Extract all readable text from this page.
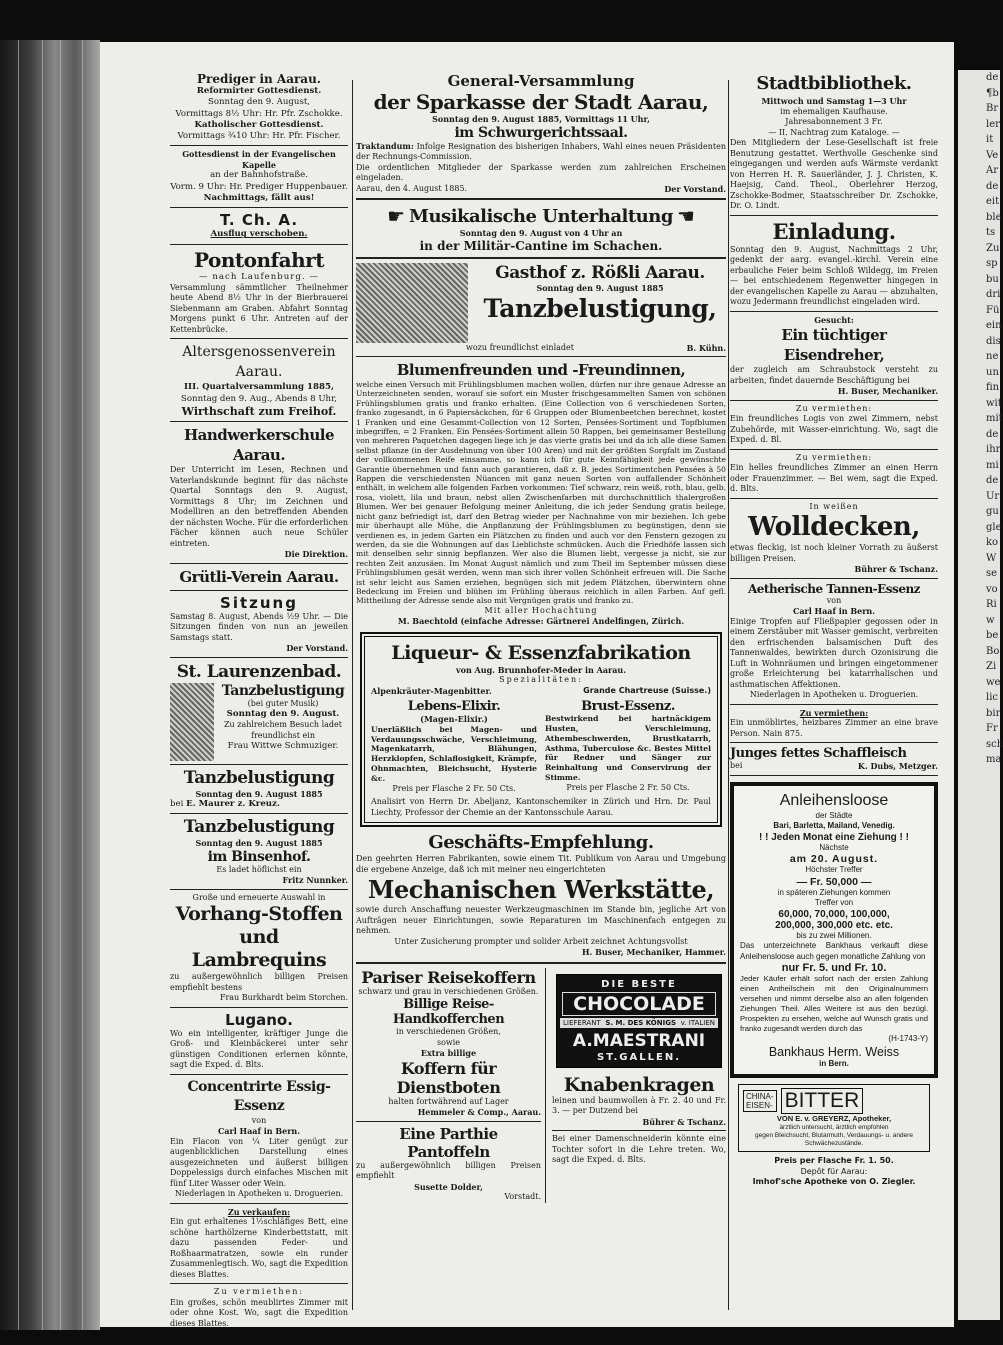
Prediger in Aarau.

Reformirter Gottesdienst.

Sonntag den 9. August,

Vormittags 8½ Uhr: Hr. Pfr. Zschokke.

Katholischer Gottesdienst.

Vormittags ¾10 Uhr: Hr. Pfr. Fischer.

Gottesdienst in der Evangelischen Kapelle

an der Bahnhofstraße.

Vorm. 9 Uhr: Hr. Prediger Huppenbauer.

Nachmittags, fällt aus!

T. Ch. A.

Ausflug verschoben.

Pontonfahrt

— nach Laufenburg. —

Versammlung sämmtlicher Theilnehmer heute Abend 8½ Uhr in der Bierbrauerei Siebenmann am Graben. Abfahrt Sonntag Morgens punkt 6 Uhr. Antreten auf der Kettenbrücke.

Altersgenossenverein Aarau.

III. Quartalversammlung 1885,

Sonntag den 9. Aug., Abends 8 Uhr,

Wirthschaft zum Freihof.

Handwerkerschule Aarau.

Der Unterricht im Lesen, Rechnen und Vaterlandskunde beginnt für das nächste Quartal Sonntags den 9. August, Vormittags 8 Uhr; im Zeichnen und Modelliren an den betreffenden Abenden der nächsten Woche. Für die erforderlichen Fächer können auch neue Schüler eintreten.

Die Direktion.

Grütli-Verein Aarau.

Sitzung

Samstag 8. August, Abends ½9 Uhr. — Die Sitzungen finden von nun an jeweilen Samstags statt.

Der Vorstand.

St. Laurenzenbad.

Tanzbelustigung

(bei guter Musik)

Sonntag den 9. August.

Zu zahlreichem Besuch ladet freundlichst ein

Frau Wittwe Schmuziger.

Tanzbelustigung

Sonntag den 9. August 1885

bei E. Maurer z. Kreuz.

Tanzbelustigung

Sonntag den 9. August 1885

im Binsenhof.

Es ladet höflichst ein

Fritz Nunnker.

Große und erneuerte Auswahl in

Vorhang-Stoffen

und Lambrequins

zu außergewöhnlich billigen Preisen empfiehlt bestens

Frau Burkhardt beim Storchen.

Lugano.

Wo ein intelligenter, kräftiger Junge die Groß- und Kleinbäckerei unter sehr günstigen Conditionen erlernen könnte, sagt die Exped. d. Blts.

Concentrirte Essig-Essenz

von

Carl Haaf in Bern.

Ein Flacon von ¼ Liter genügt zur augenblicklichen Darstellung eines ausgezeichneten und äußerst billigen Doppelessigs durch einfaches Mischen mit fünf Liter Wasser oder Wein.

Niederlagen in Apotheken u. Droguerien.

Zu verkaufen:

Ein gut erhaltenes 1½schläfiges Bett, eine schöne harthölzerne Kinderbettstatt, mit dazu passenden Feder- und Roßhaarmatratzen, sowie ein runder Zusammenlegtisch. Wo, sagt die Expedition dieses Blattes.

Zu vermiethen:

Ein großes, schön meublirtes Zimmer mit oder ohne Kost. Wo, sagt die Expedition dieses Blattes.

General-Versammlung

der Sparkasse der Stadt Aarau,

Sonntag den 9. August 1885, Vormittags 11 Uhr,

im Schwurgerichtssaal.

Traktandum: Infolge Resignation des bisherigen Inhabers, Wahl eines neuen Präsidenten der Rechnungs-Commission.

Die ordentlichen Mitglieder der Sparkasse werden zum zahlreichen Erscheinen eingeladen.

Aarau, den 4. August 1885.	Der Vorstand.

☛ Musikalische Unterhaltung ☚

Sonntag den 9. August von 4 Uhr an

in der Militär-Cantine im Schachen.

Gasthof z. Rößli Aarau.

Sonntag den 9. August 1885

Tanzbelustigung,

wozu freundlichst einladet	B. Kühn.

Blumenfreunden und -Freundinnen,

welche einen Versuch mit Frühlingsblumen machen wollen, dürfen nur ihre genaue Adresse an Unterzeichneten senden, worauf sie sofort ein Muster frischgesammelten Samen von schönen Frühlingsblumen gratis und franko erhalten. (Eine Collection von 6 verschiedenen Sorten, franko zugesandt, in 6 Papiersäckchen, für 6 Gruppen oder Blumenbeetchen berechnet, kostet 1 Franken und eine Gesammt-Collection von 12 Sorten, Pensées-Sortiment und Topfblumen inbegriffen, = 2 Franken. Ein Pensées-Sortiment allein 50 Rappen, bei gemeinsamer Bestellung von mehreren Paquetchen dagegen liege ich je das vierte gratis bei und da ich alle diese Samen selbst pflanze (in der Ausdehnung von über 100 Aren) und mit der größten Sorgfalt im Zustand der vollkommenen Reife einsamme, so kann ich für gute Keimfähigkeit jede gewünschte Garantie übernehmen und fann auch garantieren, daß z. B. jedes Sortimentchen Pensées à 50 Rappen die verschiedensten Nüancen mit ganz neuen Sorten von auffallender Schönheit enthält, in welchem alle folgenden Farben vorkommen: Tief schwarz, rein weiß, roth, blau, gelb, rosa, violett, lila und braun, nebst allen Zwischenfarben mit durchschnittlich thalergroßen Blumen. Wer bei genauer Befolgung meiner Anleitung, die ich jeder Sendung gratis beilege, nicht ganz befriedigt ist, darf den Betrag wieder per Nachnahme von mir beziehen. Ich gebe mir überhaupt alle Mühe, die Anpflanzung der Frühlingsblumen zu begünstigen, denn sie verdienen es, in jedem Garten ein Plätzchen zu finden und auch vor den Fenstern gezogen zu werden, da sie die Wohnungen auf das Lieblichste schmücken. Auch die Friedhöfe lassen sich mit denselben sehr sinnig bepflanzen. Wer also die Blumen liebt, vergesse ja nicht, sie zur rechten Zeit anzusäen. Im Monat August nämlich und zum Theil im September müssen diese Frühlingsblumen gesät werden, wenn man sich ihrer vollen Schönheit erfreuen will. Die Sache ist sehr leicht aus Samen erziehen, begnügen sich mit jedem Plätzchen, überwintern ohne Bedeckung im Freien und blühen im Frühling überaus reichlich in allen Farben. Auf gefl. Mittheilung der Adresse sende also mit Vergnügen gratis und franko zu.

Mit aller Hochachtung

M. Baechtold (einfache Adresse: Gärtnerei Andelfingen, Zürich.

Liqueur- & Essenzfabrikation

von Aug. Brunnhofer-Meder in Aarau.

Spezialitäten:

Alpenkräuter-Magenbitter.	Grande Chartreuse (Suisse.)

Lebens-Elixir.

(Magen-Elixir.)

Unerläßlich bei Magen- und Verdauungsschwäche, Verschleimung, Magenkatarrh, Blähungen, Herzklopfen, Schlaflosigkeit, Krämpfe, Ohnmachten, Bleichsucht, Hysterie &c.

Preis per Flasche 2 Fr. 50 Cts.

Brust-Essenz.

Bestwirkend bei hartnäckigem Husten, Verschleimung, Athembeschwerden, Brustkatarrh, Asthma, Tuberculose &c. Bestes Mittel für Redner und Sänger zur Reinhaltung und Conservirung der Stimme.

Preis per Flasche 2 Fr. 50 Cts.

Analisirt von Herrn Dr. Abeljanz, Kantonschemiker in Zürich und Hrn. Dr. Paul Liechty, Professor der Chemie an der Kantonsschule Aarau.

Geschäfts-Empfehlung.

Den geehrten Herren Fabrikanten, sowie einem Tit. Publikum von Aarau und Umgebung die ergebene Anzeige, daß ich mit meiner neu eingerichteten

Mechanischen Werkstätte,

sowie durch Anschaffung neuester Werkzeugmaschinen im Stande bin, jegliche Art von Aufträgen neuer Einrichtungen, sowie Reparaturen im Maschinenfach entgegen zu nehmen.

Unter Zusicherung prompter und solider Arbeit zeichnet Achtungsvollst

H. Buser, Mechaniker, Hammer.

Pariser Reisekoffern

schwarz und grau in verschiedenen Größen.

Billige Reise-Handkofferchen

in verschiedenen Größen,

sowie

Extra billige

Koffern für Dienstboten

halten fortwährend auf Lager

Hemmeler & Comp., Aarau.

Eine Parthie Pantoffeln

zu außergewöhnlich billigen Preisen empfiehlt

Susette Dolder,

Vorstadt.

DIE BESTE

CHOCOLADE

LIEFERANT S. M. DES KÖNIGS v. ITALIEN

A.MAESTRANI

ST.GALLEN.

Knabenkragen

leinen und baumwollen à Fr. 2. 40 und Fr. 3. — per Dutzend bei

Bührer & Tschanz.

Bei einer Damenschneiderin könnte eine Tochter sofort in die Lehre treten. Wo, sagt die Exped. d. Blts.

Stadtbibliothek.

Mittwoch und Samstag 1—3 Uhr

im ehemaligen Kaufhause.

Jahresabonnement 3 Fr.

— II. Nachtrag zum Kataloge. —

Den Mitgliedern der Lese-Gesellschaft ist freie Benutzung gestattet. Werthvolle Geschenke sind eingegangen und werden aufs Wärmste verdankt von Herren H. R. Sauerländer, J. J. Christen, K. Haejsig, Cand. Theol., Oberlehrer Herzog, Zschokke-Bodmer, Staatsschreiber Dr. Zschokke, Dr. O. Lindt.

Einladung.

Sonntag den 9. August, Nachmittags 2 Uhr, gedenkt der aarg. evangel.-kirchl. Verein eine erbauliche Feier beim Schloß Wildegg, im Freien — bei entschiedenem Regenwetter hingegen in der evangelischen Kapelle zu Aarau — abzuhalten, wozu Jedermann freundlichst eingeladen wird.

Gesucht:

Ein tüchtiger Eisendreher,

der zugleich am Schraubstock versteht zu arbeiten, findet dauernde Beschäftigung bei

H. Buser, Mechaniker.

Zu vermiethen:

Ein freundliches Logis von zwei Zimmern, nebst Zubehörde, mit Wasser-einrichtung. Wo, sagt die Exped. d. Bl.

Zu vermiethen:

Ein helles freundliches Zimmer an einen Herrn oder Frauenzimmer. — Bei wem, sagt die Exped. d. Blts.

In weißen

Wolldecken,

etwas fleckig, ist noch kleiner Vorrath zu äußerst billigen Preisen.

Bührer & Tschanz.

Aetherische Tannen-Essenz

von

Carl Haaf in Bern.

Einige Tropfen auf Fließpapier gegossen oder in einem Zerstäuber mit Wasser gemischt, verbreiten den erfrischenden balsamischen Duft des Tannenwaldes, bewirkten durch Ozonisirung die Luft in Wohnräumen und bringen eingetommener große Erleichterung bei katarrhalischen und asthmatischen Affektionen.

Niederlagen in Apotheken u. Droguerien.

Zu vermiethen:

Ein unmöblirtes, heizbares Zimmer an eine brave Person. Nain 875.

Junges fettes Schaffleisch

bei	K. Dubs, Metzger.

Anleihensloose

der Städte

Bari, Barletta, Mailand, Venedig.

! ! Jeden Monat eine Ziehung ! !

Nächste

am 20. August.

Höchster Treffer

— Fr. 50,000 —

in späteren Ziehungen kommen

Treffer von

60,000, 70,000, 100,000,

200,000, 300,000 etc. etc.

bis zu zwei Millionen.

Das unterzeichnete Bankhaus verkauft diese Anleihensloose auch gegen monatliche Zahlung von

nur Fr. 5. und Fr. 10.

Jeder Käufer erhält sofort nach der ersten Zahlung einen Antheilschein mit den Originalnummern versehen und nimmt derselbe also an allen folgenden Ziehungen Theil. Alles Weitere ist aus den bezügl. Prospekten zu ersehen, welche auf Wunsch gratis und franko zugesandt werden durch das

(H-1743-Y)

Bankhaus Herm. Weiss

in Bern.

CHINA-

EISEN- BITTER

VON E. v. GREYERZ, Apotheker,

ärztlich untersucht, ärztlich empfohlen

gegen Bleichsucht, Blutarmuth, Verdauungs- u. andere Schwächezustände.

Preis per Flasche Fr. 1. 50.

Depôt für Aarau:

Imhof'sche Apotheke von O. Ziegler.

de
¶b
Br
ler
it
Ve
Ar
de
eit
ble
ts
Zu
sp
bu
dri
Fü
ein
dis
ne
un
fin
wit
mit
de
ihr
mi
de
Ur
gu
gle
ko
W
se
vo
Ri
w
be
Bo
Zi
we
lic
bir
Fr
sch
ma
